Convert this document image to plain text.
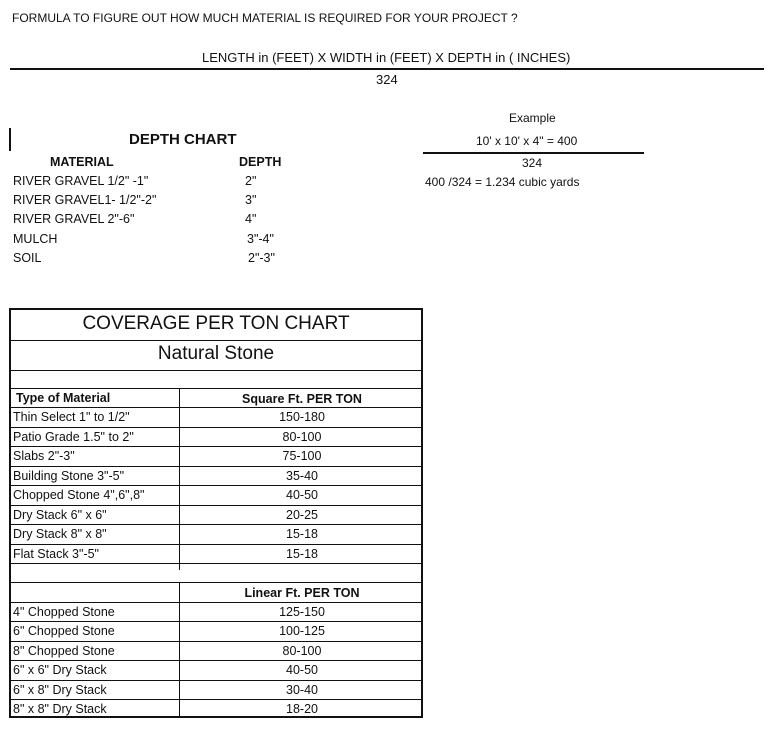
FORMULA TO FIGURE OUT HOW MUCH MATERIAL IS REQUIRED FOR YOUR PROJECT ?
LENGTH in (FEET) X WIDTH in (FEET) X DEPTH in ( INCHES)
324
Example
10' x 10' x 4" = 400
324
400 /324 = 1.234 cubic yards
DEPTH CHART
MATERIAL	DEPTH
RIVER GRAVEL 1/2" -1"	2"
RIVER GRAVEL1- 1/2"-2"	3"
RIVER GRAVEL 2"-6"	4"
MULCH	3"-4"
SOIL	2"-3"
COVERAGE PER TON CHART
Natural Stone
Type of Material	Square Ft. PER TON
Thin Select 1" to 1/2"	150-180
Patio Grade 1.5" to 2"	80-100
Slabs 2"-3"	75-100
Building Stone 3"-5"	35-40
Chopped Stone 4",6",8"	40-50
Dry Stack 6" x 6"	20-25
Dry Stack 8" x 8"	15-18
Flat Stack 3"-5"	15-18
Linear Ft. PER TON
4" Chopped Stone	125-150
6" Chopped Stone	100-125
8" Chopped Stone	80-100
6" x 6" Dry Stack	40-50
6" x 8" Dry Stack	30-40
8" x 8" Dry Stack	18-20
